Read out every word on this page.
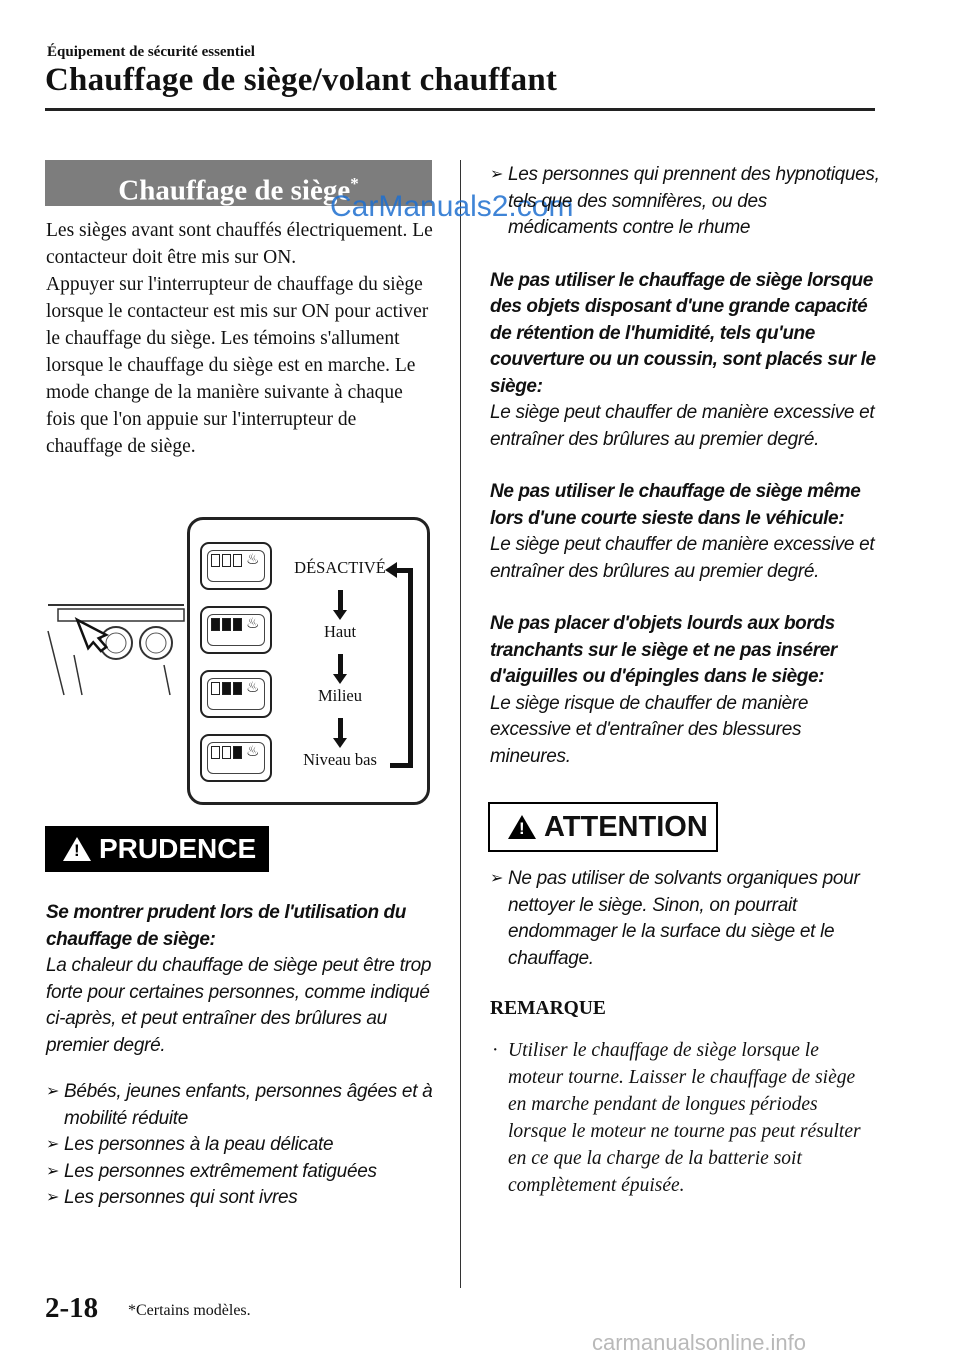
Équipement de sécurité essentiel
Chauffage de siège/volant chauffant
Chauffage de siège*
CarManuals2.com

Les sièges avant sont chauffés électriquement. Le contacteur doit être mis sur ON.

Appuyer sur l'interrupteur de chauffage du siège lorsque le contacteur est mis sur ON pour activer le chauffage du siège. Les témoins s'allument lorsque le chauffage du siège est en marche. Le mode change de la manière suivante à chaque fois que l'on appuie sur l'interrupteur de chauffage de siège.

♨	DÉSACTIVÉ
♨	Haut
♨	Milieu
♨	Niveau bas
! PRUDENCE

Se montrer prudent lors de l'utilisation du chauffage de siège:

La chaleur du chauffage de siège peut être trop forte pour certaines personnes, comme indiqué ci-après, et peut entraîner des brûlures au premier degré.

➢ Bébés, jeunes enfants, personnes âgées et à mobilité réduite

➢ Les personnes à la peau délicate

➢ Les personnes extrêmement fatiguées

➢ Les personnes qui sont ivres

➢ Les personnes qui prennent des hypnotiques, tels que des somnifères, ou des médicaments contre le rhume

Ne pas utiliser le chauffage de siège lorsque des objets disposant d'une grande capacité de rétention de l'humidité, tels qu'une couverture ou un coussin, sont placés sur le siège:

Le siège peut chauffer de manière excessive et entraîner des brûlures au premier degré.

Ne pas utiliser le chauffage de siège même lors d'une courte sieste dans le véhicule:

Le siège peut chauffer de manière excessive et entraîner des brûlures au premier degré.

Ne pas placer d'objets lourds aux bords tranchants sur le siège et ne pas insérer d'aiguilles ou d'épingles dans le siège:

Le siège risque de chauffer de manière excessive et d'entraîner des blessures mineures.

! ATTENTION

➢ Ne pas utiliser de solvants organiques pour nettoyer le siège. Sinon, on pourrait endommager le la surface du siège et le chauffage.

REMARQUE
· Utiliser le chauffage de siège lorsque le moteur tourne. Laisser le chauffage de siège en marche pendant de longues périodes lorsque le moteur ne tourne pas peut résulter en ce que la charge de la batterie soit complètement épuisée.
2-18 *Certains modèles.
carmanualsonline.info
